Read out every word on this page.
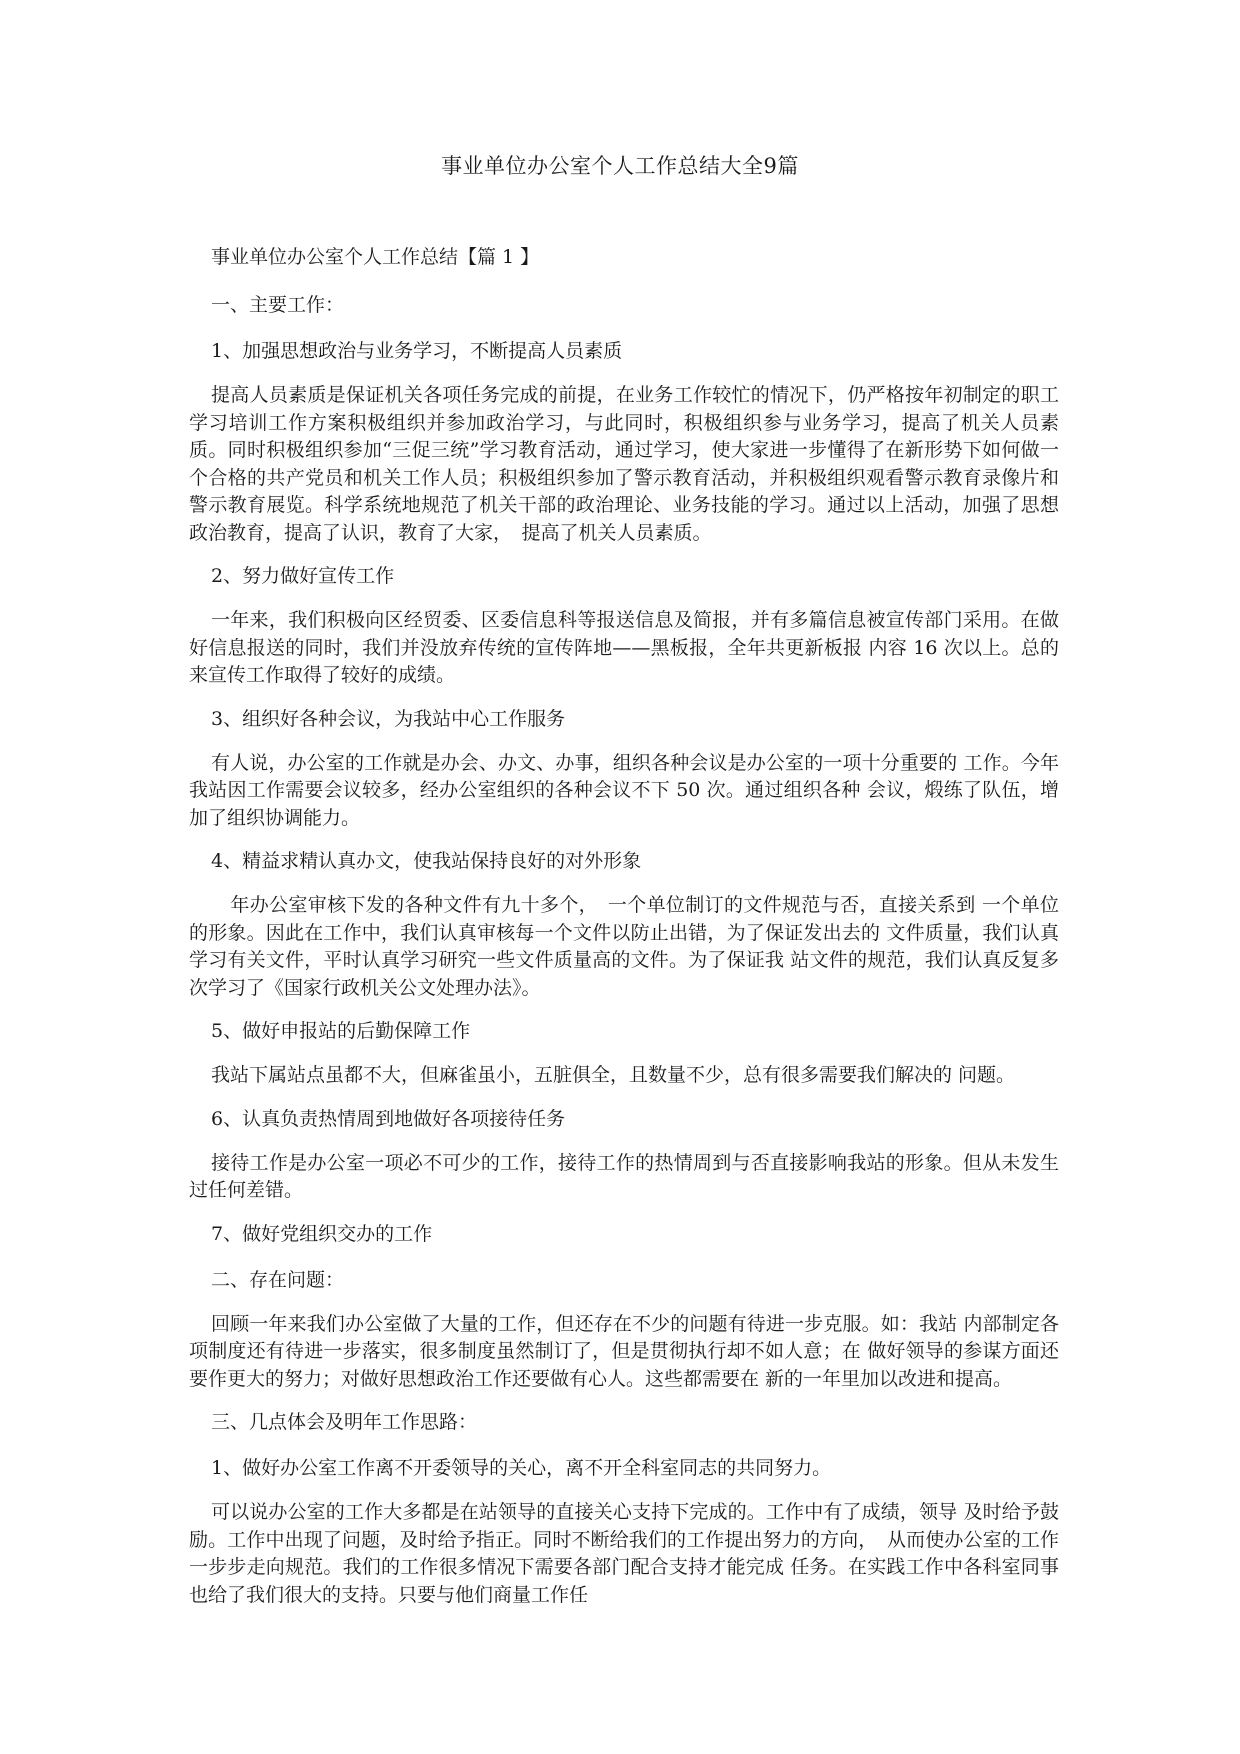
事业单位办公室个人工作总结大全9篇
事业单位办公室个人工作总结【篇 1 】
一、主要工作：
1、加强思想政治与业务学习，不断提高人员素质
提高人员素质是保证机关各项任务完成的前提，在业务工作较忙的情况下，仍严格按年初制定的职工学习培训工作方案积极组织并参加政治学习，与此同时，积极组织参与业务学习，提高了机关人员素质。同时积极组织参加“三促三统”学习教育活动，通过学习，使大家进一步懂得了在新形势下如何做一个合格的共产党员和机关工作人员；积极组织参加了警示教育活动，并积极组织观看警示教育录像片和警示教育展览。科学系统地规范了机关干部的政治理论、业务技能的学习。通过以上活动，加强了思想政治教育，提高了认识，教育了大家，　提高了机关人员素质。
2、努力做好宣传工作
一年来，我们积极向区经贸委、区委信息科等报送信息及简报，并有多篇信息被宣传部门采用。在做好信息报送的同时，我们并没放弃传统的宣传阵地——黑板报，全年共更新板报 内容 16 次以上。总的来宣传工作取得了较好的成绩。
3、组织好各种会议，为我站中心工作服务
有人说，办公室的工作就是办会、办文、办事，组织各种会议是办公室的一项十分重要的 工作。今年我站因工作需要会议较多，经办公室组织的各种会议不下 50 次。通过组织各种 会议，煅练了队伍，增加了组织协调能力。
4、精益求精认真办文，使我站保持良好的对外形象
　年办公室审核下发的各种文件有九十多个，　一个单位制订的文件规范与否，直接关系到 一个单位的形象。因此在工作中，我们认真审核每一个文件以防止出错，为了保证发出去的 文件质量，我们认真学习有关文件，平时认真学习研究一些文件质量高的文件。为了保证我 站文件的规范，我们认真反复多次学习了《国家行政机关公文处理办法》。
5、做好申报站的后勤保障工作
我站下属站点虽都不大，但麻雀虽小，五脏俱全，且数量不少，总有很多需要我们解决的 问题。
6、认真负责热情周到地做好各项接待任务
接待工作是办公室一项必不可少的工作，接待工作的热情周到与否直接影响我站的形象。但从未发生过任何差错。
7、做好党组织交办的工作
二、存在问题：
回顾一年来我们办公室做了大量的工作，但还存在不少的问题有待进一步克服。如：我站 内部制定各项制度还有待进一步落实，很多制度虽然制订了，但是贯彻执行却不如人意；在 做好领导的参谋方面还要作更大的努力；对做好思想政治工作还要做有心人。这些都需要在 新的一年里加以改进和提高。
三、几点体会及明年工作思路：
1、做好办公室工作离不开委领导的关心，离不开全科室同志的共同努力。
可以说办公室的工作大多都是在站领导的直接关心支持下完成的。工作中有了成绩，领导 及时给予鼓励。工作中出现了问题，及时给予指正。同时不断给我们的工作提出努力的方向，　从而使办公室的工作一步步走向规范。我们的工作很多情况下需要各部门配合支持才能完成 任务。在实践工作中各科室同事也给了我们很大的支持。只要与他们商量工作任
